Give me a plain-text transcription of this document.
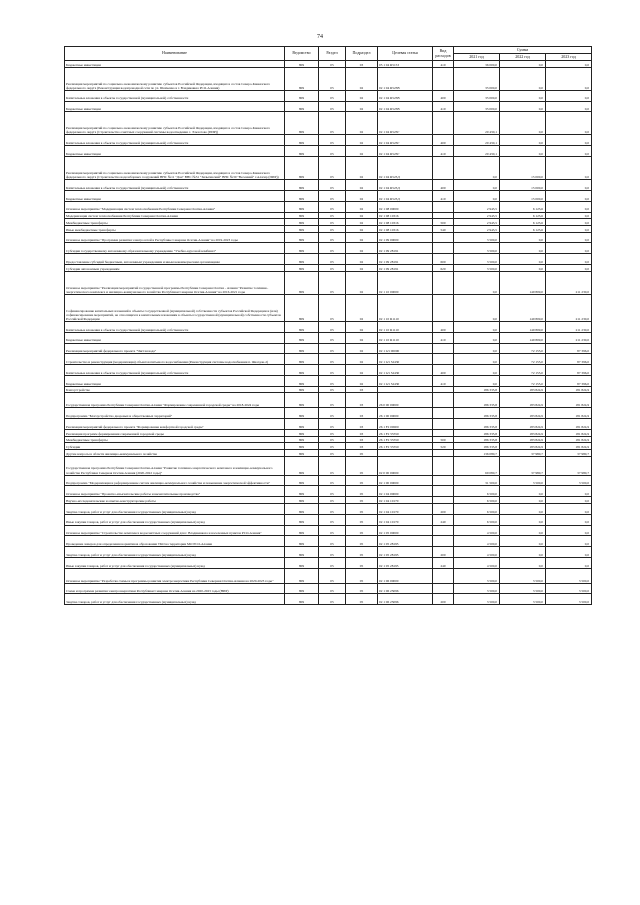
74
Наименование	Ведомство	Раздел	Подраздел	Целевая статья	Вид расходов	Сумма		
						2021 год	2022 год	2023 год
Бюджетные инвестиции	809	05	03	05 1 04 R5153	410	36 000,0	0,0	0,0
Реализация мероприятий по социально-экономическому развитию субъектов Российской Федерации, входящих в состав Северо-Кавказского федерального округа (Реконструкция водопроводной сети по ул. Шевченко в г. Владикавказ РСО-Алания)	809	05	02	02 1 04 R523B		35 000,0	0,0	0,0
Капитальные вложения в объекты государственной (муниципальной) собственности	809	05	02	02 1 04 R523B	400	35 000,0	0,0	0,0
Бюджетные инвестиции	809	05	02	02 1 04 R523B	410	35 000,0	0,0	0,0
Реализация мероприятий по социально-экономическому развитию субъектов Российской Федерации, входящих в состав Северо-Кавказского федерального округа (Строительство очистных сооружений системы водоотведения с. Эльхотово (ПИР))	809	05	02	02 1 04 R523Г		20 430,1	0,0	0,0
Капитальные вложения в объекты государственной (муниципальной) собственности	809	05	02	02 1 04 R523Г	400	20 430,1	0,0	0,0
Бюджетные инвестиции	809	05	02	02 1 04 R523Г	410	20 430,1	0,0	0,0
Реализация мероприятий по социально-экономическому развитию субъектов Российской Федерации, входящих в состав Северо-Кавказского федерального округа (Строительство водозаборных сооружений ВНС №11 "Дон" ВНС №31 "Зильгинский" ВНС №30 "Весенний" г.Алагир (ПИР))	809	05	02	02 1 04 R523Д		0,0	15 000,0	0,0
Капитальные вложения в объекты государственной (муниципальной) собственности	809	05	02	02 1 04 R523Д	400	0,0	15 000,0	0,0
Бюджетные инвестиции	809	05	02	02 1 04 R523Д	410	0,0	15 000,0	0,0
Основное мероприятие "Модернизация систем теплоснабжения Республики Северная Осетия-Алания"	809	05	02	02 1 08 00000		2 943,5	6 123,6	0,0
Модернизация систем теплоснабжения Республики Северная Осетия-Алания	809	05	02	02 1 08 10316		2 943,5	6 123,6	0,0
Межбюджетные трансферты	809	05	02	02 1 08 10316	500	2 943,5	6 123,6	0,0
Иные межбюджетные трансферты	809	05	02	02 1 08 10316	540	2 943,5	6 123,6	0,0
Основное мероприятие "Программа развития электросетей в Республике Северная Осетия-Алания" на 2019-2023 годы	809	05	02	02 1 09 00000		3 500,0	0,0	0,0
Субсидия государственному автономному образовательному учреждению "Учебно-курсовой комбинат"	809	05	02	02 1 09 28191		3 500,0	0,0	0,0
Предоставление субсидий бюджетным, автономным учреждениям и иным некоммерческим организациям	809	05	02	02 1 09 28191	600	3 500,0	0,0	0,0
Субсидии автономным учреждениям	809	05	02	02 1 09 28191	620	3 500,0	0,0	0,0
Основное мероприятие "Реализация мероприятий государственной программы Республики Северная Осетия - Алания "Развитие топливно-энергетического комплекса и жилищно-коммунального хозяйства Республики Северная Осетия-Алания" на 2016-2021 годы	809	05	02	02 1 10 00000		0,0	149 809,0	211 230,0
Софинансирование капитальных вложений в объекты государственной (муниципальной) собственности субъектов Российской Федерации и (или) софинансирование мероприятий, не относящихся к капитальным вложениям в объекты государственной (муниципальной) собственности субъектов Российской Федерации	809	05	02	02 1 10 R1110		0,0	149 809,0	211 230,0
Капитальные вложения в объекты государственной (муниципальной) собственности	809	05	02	02 1 10 R1110	400	0,0	149 809,0	211 230,0
Бюджетные инвестиции	809	05	02	02 1 10 R1110	410	0,0	149 809,0	211 230,0
Реализация мероприятий федерального проекта "Чистая вода"	809	05	02	02 1 G5 00000		0,0	72 155,0	87 396,0
Строительство и реконструкция (модернизация) объектов питьевого водоснабжения (Реконструкция системы водоснабжения п. Фиагдон-2)	809	05	02	02 1 G5 52430		0,0	72 155,0	87 396,0
Капитальные вложения в объекты государственной (муниципальной) собственности	809	05	02	02 1 G5 52430	400	0,0	72 155,0	87 396,0
Бюджетные инвестиции	809	05	02	02 1 G5 52430	410	0,0	72 155,0	87 396,0
Благоустройство	809	05	03			186 335,8	183 824,9	181 824,9
Государственная программа Республики Северная Осетия-Алания "Формирование современной городской среды" на 2018-2024 годы	809	05	03	26 0 00 00000		186 335,8	183 824,9	181 824,9
Подпрограмма "Благоустройство дворовых и общественных территорий"	809	05	03	26 1 00 00000		186 335,8	183 824,9	181 824,9
Реализация мероприятий федерального проекта "Формирование комфортной городской среды"	809	05	03	26 1 F2 00000		186 335,8	183 824,9	181 824,9
Реализация программ формирования современной городской среды	809	05	03	26 1 F2 55550		186 335,8	183 824,9	181 824,9
Межбюджетные трансферты	809	05	03	26 1 F2 55550	500	186 335,8	183 824,9	181 824,9
Субсидии	809	05	03	26 1 F2 55550	520	186 335,8	183 824,9	181 824,9
Другие вопросы в области жилищно-коммунального хозяйства	809	05	05			136 080,7	37 980,7	37 980,7
Государственная программа Республики Северная Осетия-Алания "Развитие топливно-энергетического комплекса и жилищно-коммунального хозяйства Республики Северная Осетия-Алания (2020-2022 годы)"	809	05	05	02 0 00 00000		69 080,7	37 980,7	37 980,7
Подпрограмма "Модернизация и реформирование систем жилищно-коммунального хозяйства и повышение энергетической эффективности"	809	05	05	02 1 00 00000		31 500,0	3 500,0	3 500,0
Основное мероприятие "Проектно-изыскательские работы и вычислительные производства"	809	05	05	02 1 04 00000		6 500,0	0,0	0,0
Научно-исследовательские и опытно-конструкторские работы	809	05	05	02 1 04 10170		6 500,0	0,0	0,0
Закупка товаров, работ и услуг для обеспечения государственных (муниципальных) нужд	809	05	05	02 1 04 10170	200	6 500,0	0,0	0,0
Иные закупки товаров, работ и услуг для обеспечения государственных (муниципальных) нужд	809	05	05	02 1 04 10170	240	6 500,0	0,0	0,0
Основное мероприятие "Строительство комплекса водоочистных сооружений для г. Владикавказа и населенных пунктов РСО-Алания"	809	05	05	02 1 05 00000		4 500,0	0,0	0,0
Проведение замеров для определения нормативов образования ТКО на территории МО РСО-Алания	809	05	05	02 1 05 28195		4 500,0	0,0	0,0
Закупка товаров, работ и услуг для обеспечения государственных (муниципальных) нужд	809	05	05	02 1 05 28195	200	4 500,0	0,0	0,0
Иные закупки товаров, работ и услуг для обеспечения государственных (муниципальных) нужд	809	05	05	02 1 05 28195	240	4 500,0	0,0	0,0
Основное мероприятие "Разработка схемы и программы развития электроэнергетики Республики Северная Осетия-Алания на 2020-2023 годы"	809	05	05	02 1 06 00000		3 500,0	3 500,0	3 500,0
Схема и программа развития электроэнергетики Республики Северная Осетия-Алания на 2020-2023 годы (НИР)	809	05	05	02 1 06 25096		3 500,0	3 500,0	3 500,0
Закупка товаров, работ и услуг для обеспечения государственных (муниципальных) нужд	809	05	05	02 1 06 25096	200	3 500,0	3 500,0	3 500,0
